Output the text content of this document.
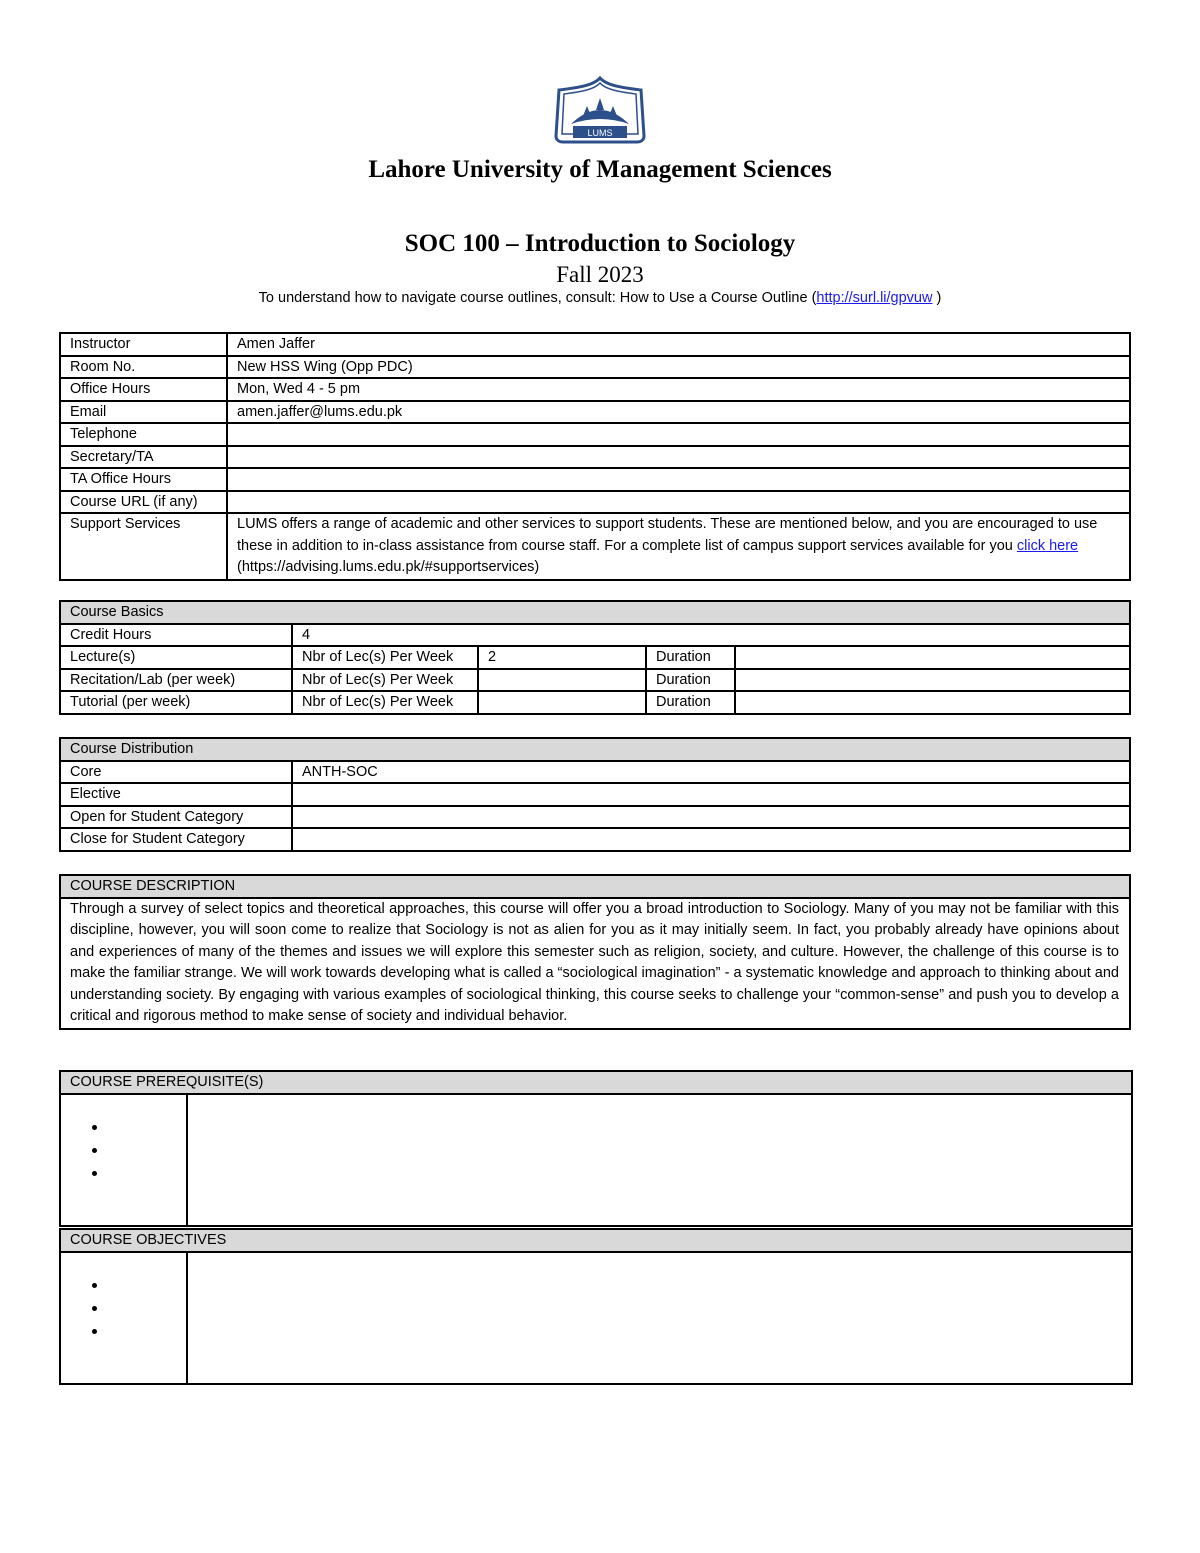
LUMS
Lahore University of Management Sciences
SOC 100 – Introduction to Sociology
Fall 2023
To understand how to navigate course outlines, consult: How to Use a Course Outline (http://surl.li/gpvuw )
Instructor	Amen Jaffer
Room No.	New HSS Wing (Opp PDC)
Office Hours	Mon, Wed 4 - 5 pm
Email	amen.jaffer@lums.edu.pk
Telephone	
Secretary/TA	
TA Office Hours	
Course URL (if any)	
Support Services	LUMS offers a range of academic and other services to support students. These are mentioned below, and you are encouraged to use these in addition to in-class assistance from course staff. For a complete list of campus support services available for you click here (https://advising.lums.edu.pk/#supportservices)
Course Basics				
Credit Hours	4			
Lecture(s)	Nbr of Lec(s) Per Week	2	Duration	
Recitation/Lab (per week)	Nbr of Lec(s) Per Week		Duration	
Tutorial (per week)	Nbr of Lec(s) Per Week		Duration	
Course Distribution	
Core	ANTH-SOC
Elective	
Open for Student Category	
Close for Student Category	
COURSE DESCRIPTION
Through a survey of select topics and theoretical approaches, this course will offer you a broad introduction to Sociology. Many of you may not be familiar with this discipline, however, you will soon come to realize that Sociology is not as alien for you as it may initially seem. In fact, you probably already have opinions about and experiences of many of the themes and issues we will explore this semester such as religion, society, and culture. However, the challenge of this course is to make the familiar strange. We will work towards developing what is called a “sociological imagination” - a systematic knowledge and approach to thinking about and understanding society. By engaging with various examples of sociological thinking, this course seeks to challenge your “common-sense” and push you to develop a critical and rigorous method to make sense of society and individual behavior.
COURSE PREREQUISITE(S)

•
•
•

COURSE OBJECTIVES

•
•
•
